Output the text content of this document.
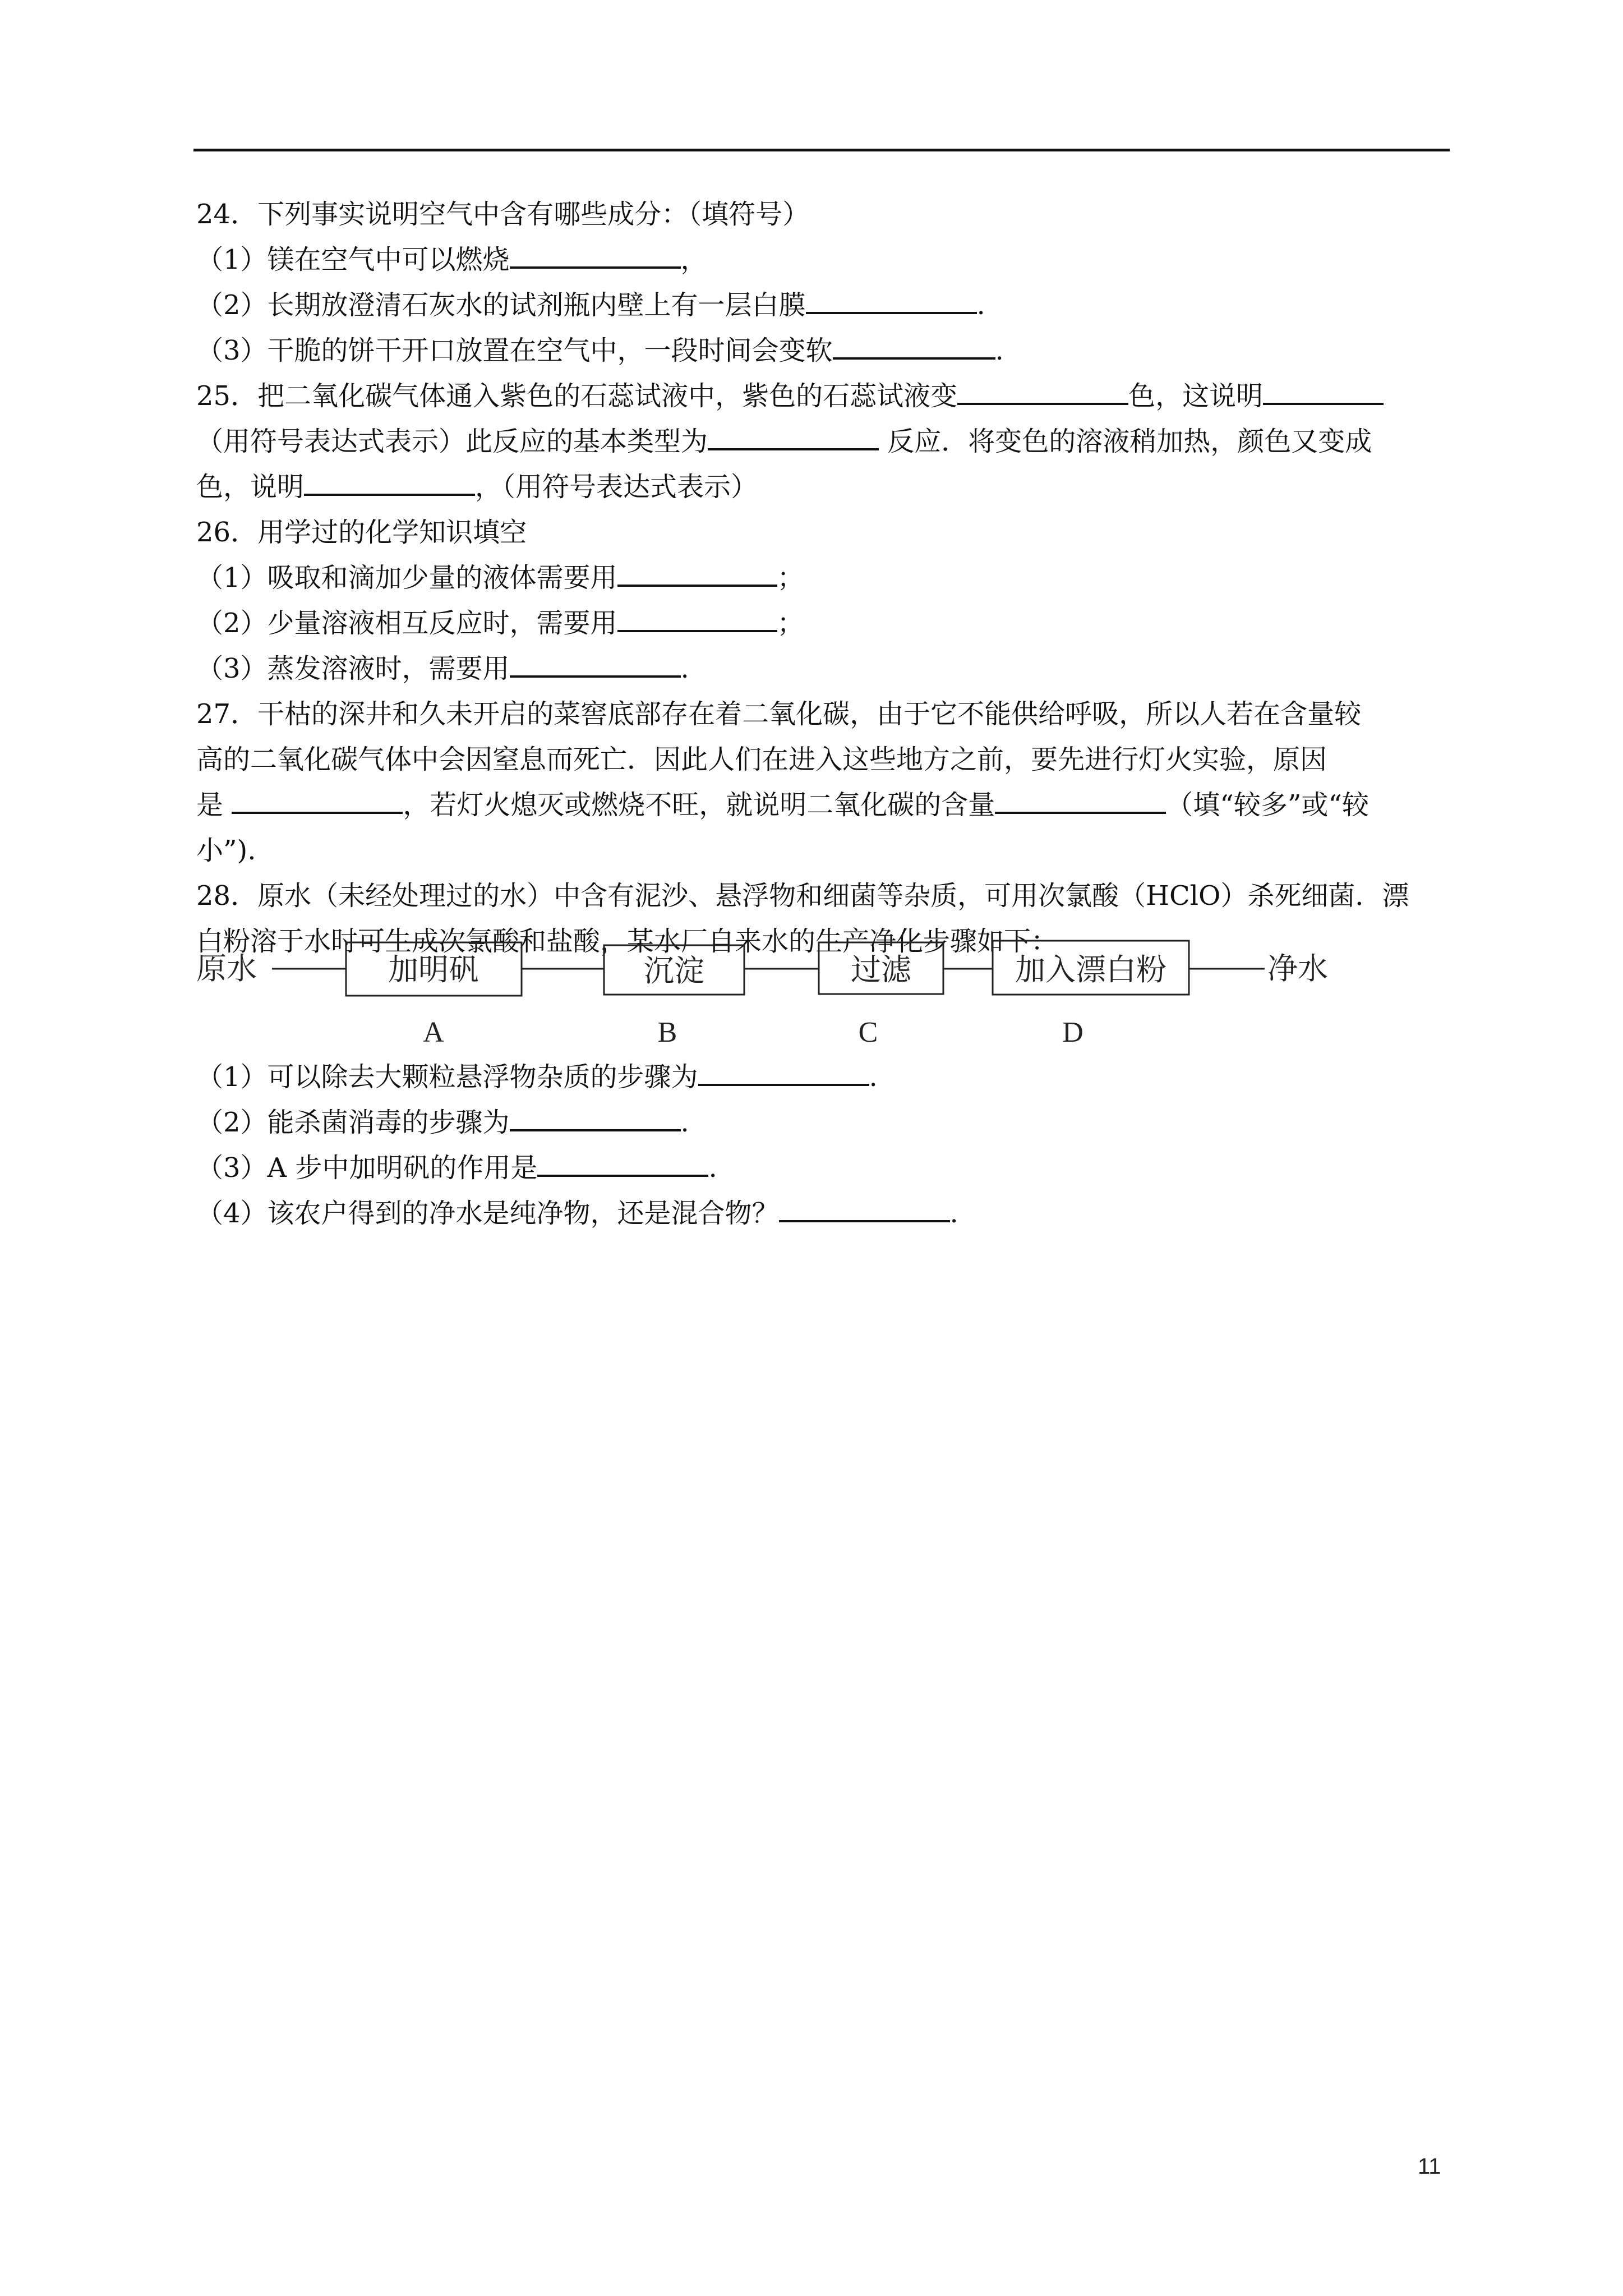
24．下列事实说明空气中含有哪些成分：（填符号）
（1）镁在空气中可以燃烧	，
（2）长期放澄清石灰水的试剂瓶内壁上有一层白膜	.
（3）干脆的饼干开口放置在空气中，一段时间会变软	.
25．把二氧化碳气体通入紫色的石蕊试液中，紫色的石蕊试液变	色，这说明
（用符号表达式表示）此反应的基本类型为	反应．将变色的溶液稍加热，颜色又变成
色，说明	，（用符号表达式表示）
26．用学过的化学知识填空
（1）吸取和滴加少量的液体需要用	；
（2）少量溶液相互反应时，需要用	；
（3）蒸发溶液时，需要用	.
27．干枯的深井和久未开启的菜窖底部存在着二氧化碳，由于它不能供给呼吸，所以人若在含量较
高的二氧化碳气体中会因窒息而死亡．因此人们在进入这些地方之前，要先进行灯火实验，原因
是	，若灯火熄灭或燃烧不旺，就说明二氧化碳的含量	（填“较多”或“较
小”).
28．原水（未经处理过的水）中含有泥沙、悬浮物和细菌等杂质，可用次氯酸（HClO）杀死细菌．漂
白粉溶于水时可生成次氯酸和盐酸，某水厂自来水的生产净化步骤如下：
原水	加明矾	沉淀	过滤	加入漂白粉	净水
A	B	C	D
（1）可以除去大颗粒悬浮物杂质的步骤为	.
（2）能杀菌消毒的步骤为	.
（3）A 步中加明矾的作用是	.
（4）该农户得到的净水是纯净物，还是混合物？	.
11
